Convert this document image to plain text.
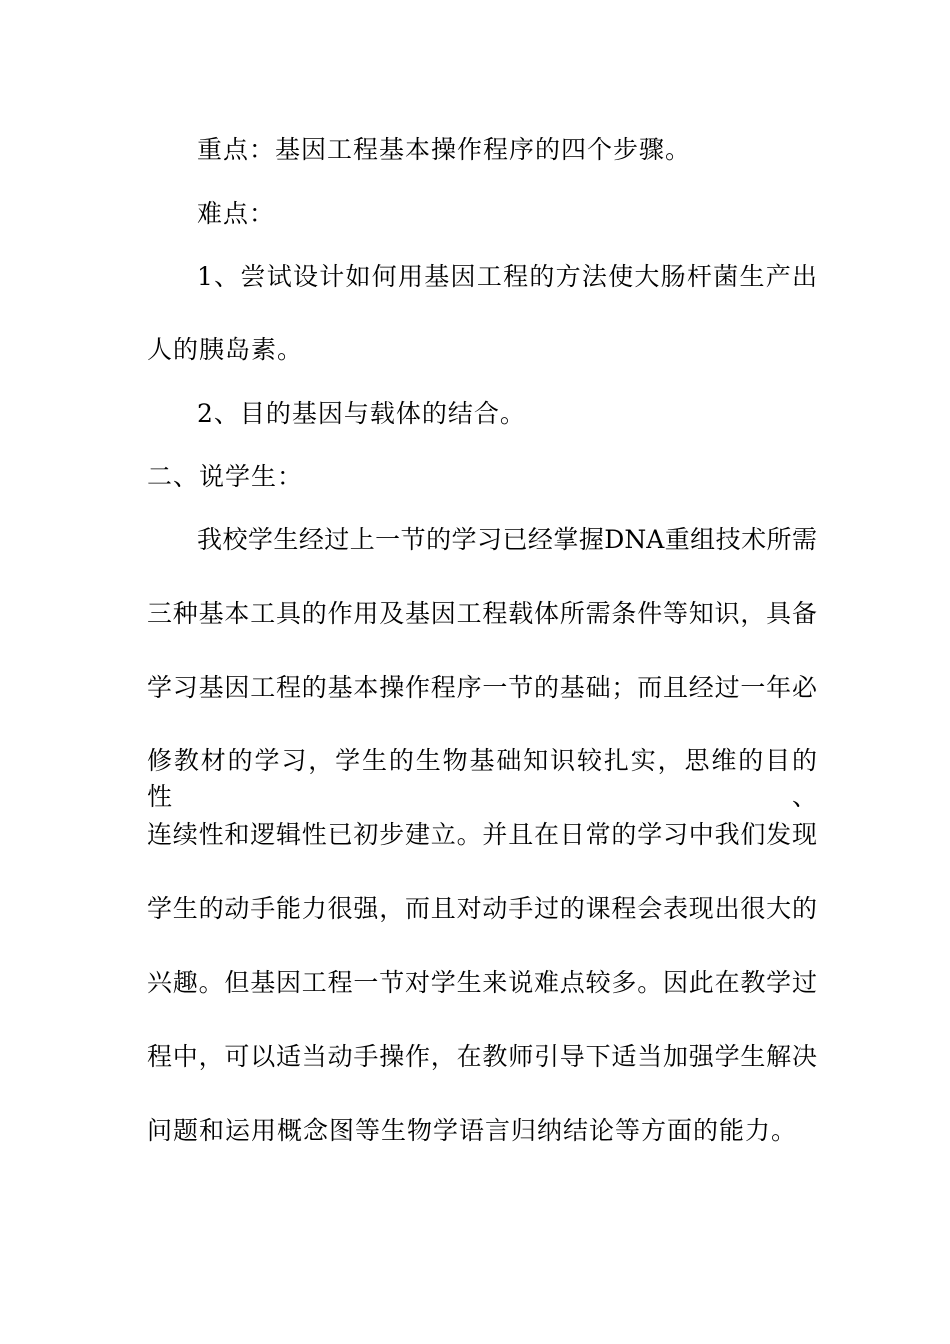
重点：基因工程基本操作程序的四个步骤。
难点：
1、尝试设计如何用基因工程的方法使大肠杆菌生产出
人的胰岛素。
2、目的基因与载体的结合。
二、说学生：
我校学生经过上一节的学习已经掌握DNA重组技术所需
三种基本工具的作用及基因工程载体所需条件等知识，具备
学习基因工程的基本操作程序一节的基础；而且经过一年必
修教材的学习，学生的生物基础知识较扎实，思维的目的性、
连续性和逻辑性已初步建立。并且在日常的学习中我们发现
学生的动手能力很强，而且对动手过的课程会表现出很大的
兴趣。但基因工程一节对学生来说难点较多。因此在教学过
程中，可以适当动手操作，在教师引导下适当加强学生解决
问题和运用概念图等生物学语言归纳结论等方面的能力。
